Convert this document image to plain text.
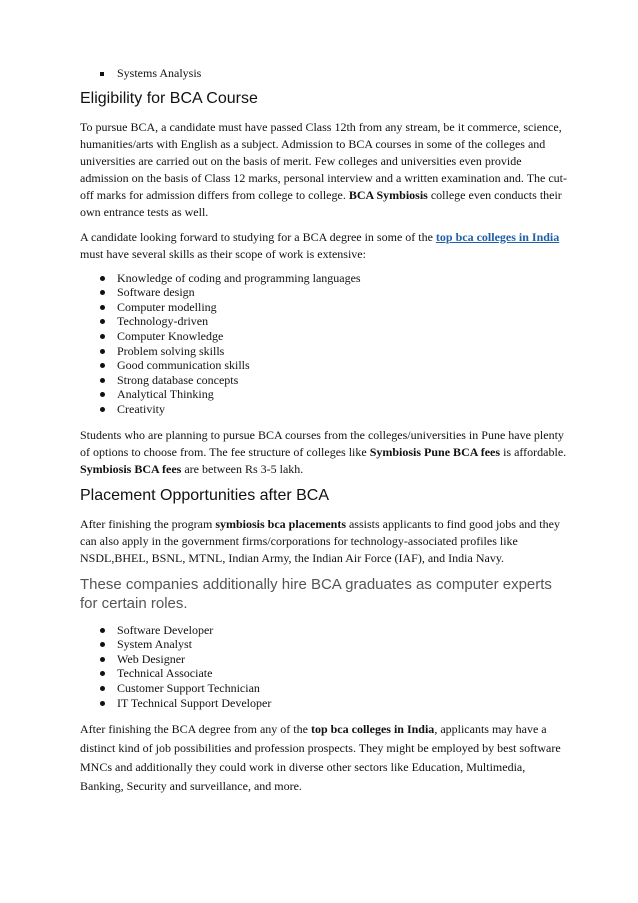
Systems Analysis
Eligibility for BCA Course

To pursue BCA, a candidate must have passed Class 12th from any stream, be it commerce, science, humanities/arts with English as a subject. Admission to BCA courses in some of the colleges and universities are carried out on the basis of merit. Few colleges and universities even provide admission on the basis of Class 12 marks, personal interview and a written examination and. The cut-off marks for admission differs from college to college. BCA Symbiosis college even conducts their own entrance tests as well.

A candidate looking forward to studying for a BCA degree in some of the top bca colleges in India must have several skills as their scope of work is extensive:

Knowledge of coding and programming languages
Software design
Computer modelling
Technology-driven
Computer Knowledge
Problem solving skills
Good communication skills
Strong database concepts
Analytical Thinking
Creativity

Students who are planning to pursue BCA courses from the colleges/universities in Pune have plenty of options to choose from. The fee structure of colleges like Symbiosis Pune BCA fees is affordable. Symbiosis BCA fees are between Rs 3-5 lakh.

Placement Opportunities after BCA

After finishing the program symbiosis bca placements assists applicants to find good jobs and they can also apply in the government firms/corporations for technology-associated profiles like NSDL,BHEL, BSNL, MTNL, Indian Army, the Indian Air Force (IAF), and India Navy.

These companies additionally hire BCA graduates as computer experts for certain roles.
Software Developer
System Analyst
Web Designer
Technical Associate
Customer Support Technician
IT Technical Support Developer

After finishing the BCA degree from any of the top bca colleges in India, applicants may have a distinct kind of job possibilities and profession prospects. They might be employed by best software MNCs and additionally they could work in diverse other sectors like Education, Multimedia, Banking, Security and surveillance, and more.
